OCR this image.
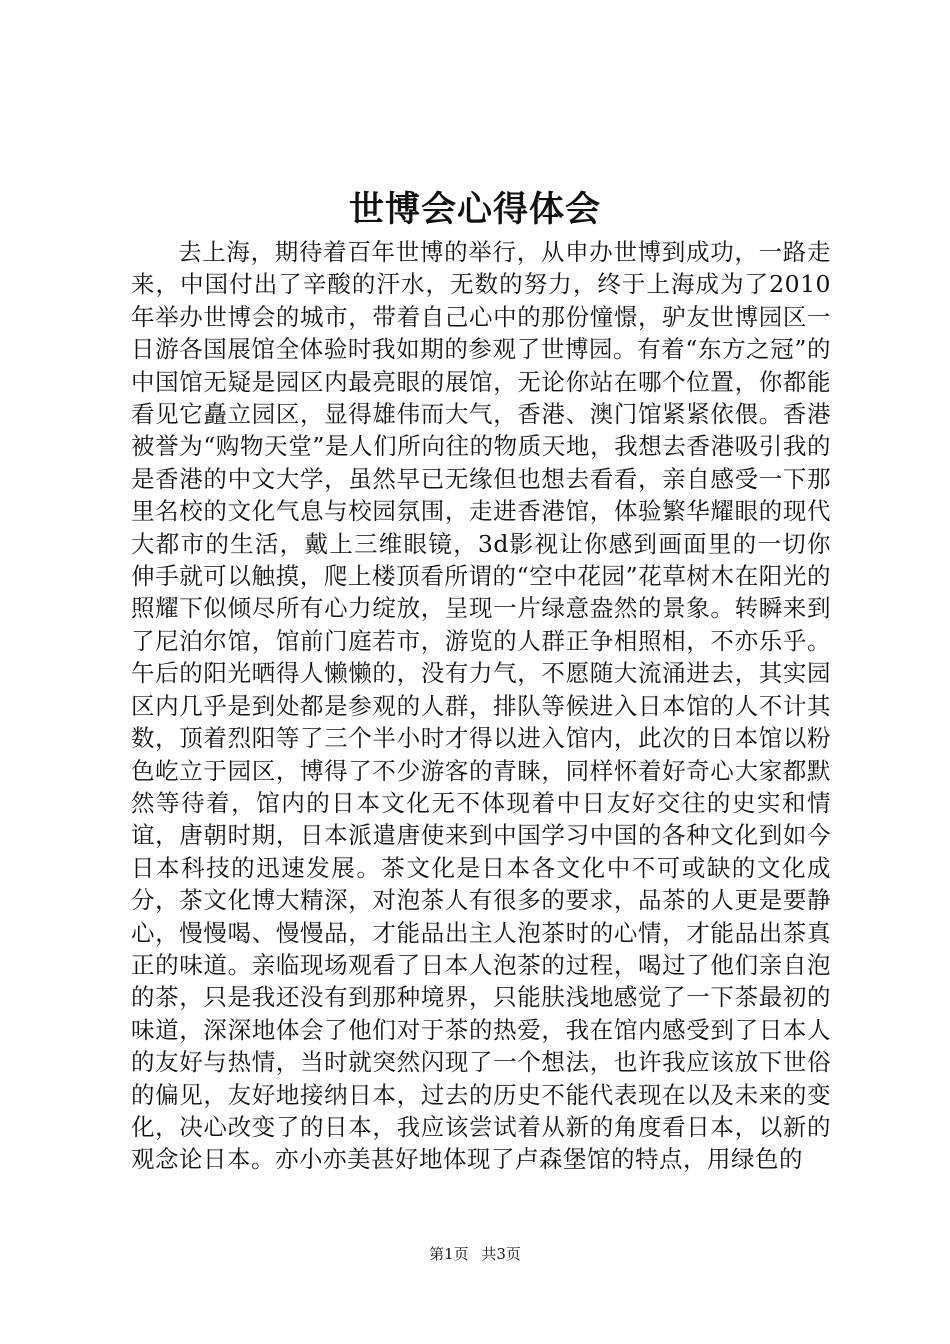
世博会心得体会

去上海，期待着百年世博的举行，从申办世博到成功，一路走来，中国付出了辛酸的汗水，无数的努力，终于上海成为了2010年举办世博会的城市，带着自己心中的那份憧憬，驴友世博园区一日游各国展馆全体验时我如期的参观了世博园。有着“东方之冠”的中国馆无疑是园区内最亮眼的展馆，无论你站在哪个位置，你都能看见它矗立园区，显得雄伟而大气，香港、澳门馆紧紧依偎。香港被誉为“购物天堂”是人们所向往的物质天地，我想去香港吸引我的是香港的中文大学，虽然早已无缘但也想去看看，亲自感受一下那里名校的文化气息与校园氛围，走进香港馆，体验繁华耀眼的现代大都市的生活，戴上三维眼镜，3d影视让你感到画面里的一切你伸手就可以触摸，爬上楼顶看所谓的“空中花园”花草树木在阳光的照耀下似倾尽所有心力绽放，呈现一片绿意盎然的景象。转瞬来到了尼泊尔馆，馆前门庭若市，游览的人群正争相照相，不亦乐乎。午后的阳光晒得人懒懒的，没有力气，不愿随大流涌进去，其实园区内几乎是到处都是参观的人群，排队等候进入日本馆的人不计其数，顶着烈阳等了三个半小时才得以进入馆内，此次的日本馆以粉色屹立于园区，博得了不少游客的青睐，同样怀着好奇心大家都默然等待着，馆内的日本文化无不体现着中日友好交往的史实和情谊，唐朝时期，日本派遣唐使来到中国学习中国的各种文化到如今日本科技的迅速发展。茶文化是日本各文化中不可或缺的文化成分，茶文化博大精深，对泡茶人有很多的要求，品茶的人更是要静心，慢慢喝、慢慢品，才能品出主人泡茶时的心情，才能品出茶真正的味道。亲临现场观看了日本人泡茶的过程，喝过了他们亲自泡的茶，只是我还没有到那种境界，只能肤浅地感觉了一下茶最初的味道，深深地体会了他们对于茶的热爱，我在馆内感受到了日本人的友好与热情，当时就突然闪现了一个想法，也许我应该放下世俗的偏见，友好地接纳日本，过去的历史不能代表现在以及未来的变化，决心改变了的日本，我应该尝试着从新的角度看日本，以新的观念论日本。亦小亦美甚好地体现了卢森堡馆的特点，用绿色的

第1页 共3页
